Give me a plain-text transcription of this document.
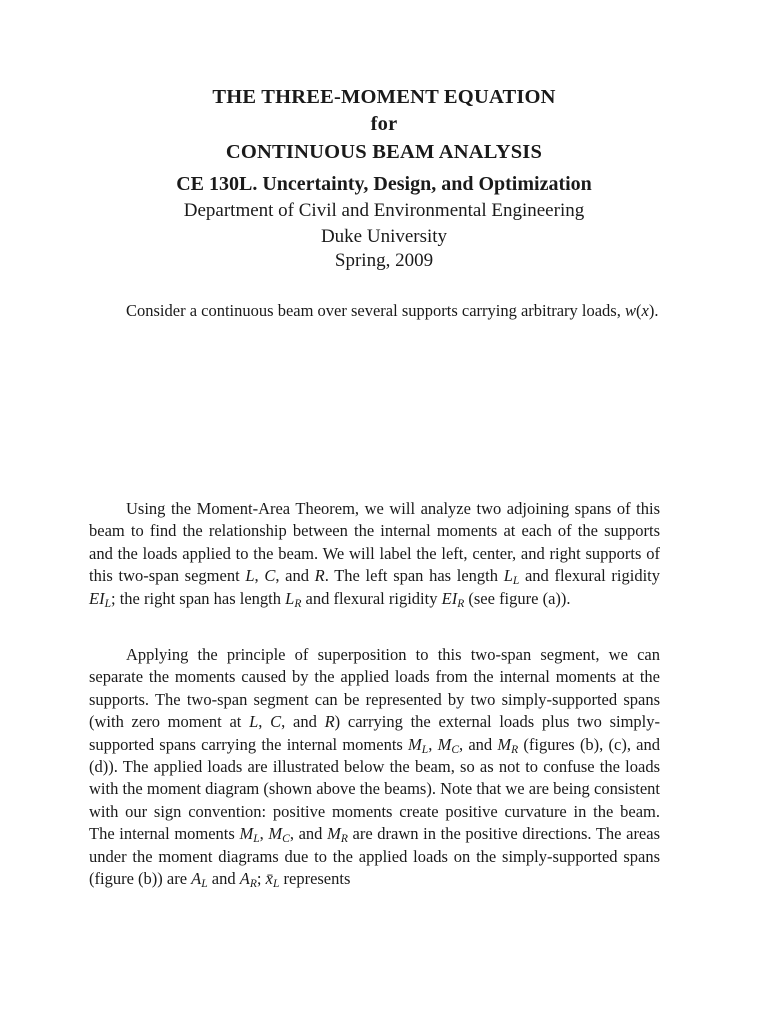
THE THREE-MOMENT EQUATION
for
CONTINUOUS BEAM ANALYSIS
CE 130L. Uncertainty, Design, and Optimization
Department of Civil and Environmental Engineering
Duke University
Spring, 2009

Consider a continuous beam over several supports carrying arbitrary loads, w(x).

Using the Moment-Area Theorem, we will analyze two adjoining spans of this beam to find the relationship between the internal moments at each of the supports and the loads applied to the beam. We will label the left, center, and right supports of this two-span segment L, C, and R. The left span has length $L_L$ and flexural rigidity $EI_L$; the right span has length $L_R$ and flexural rigidity $EI_R$ (see figure (a)).

Applying the principle of superposition to this two-span segment, we can separate the moments caused by the applied loads from the internal moments at the supports. The two-span segment can be represented by two simply-supported spans (with zero moment at L, C, and R) carrying the external loads plus two simply-supported spans carrying the internal moments $M_L$, $M_C$, and $M_R$ (figures (b), (c), and (d)). The applied loads are illustrated below the beam, so as not to confuse the loads with the moment diagram (shown above the beams). Note that we are being consistent with our sign convention: positive moments create positive curvature in the beam. The internal moments $M_L$, $M_C$, and $M_R$ are drawn in the positive directions. The areas under the moment diagrams due to the applied loads on the simply-supported spans (figure (b)) are $A_L$ and $A_R$; $x̄_L$ represents
